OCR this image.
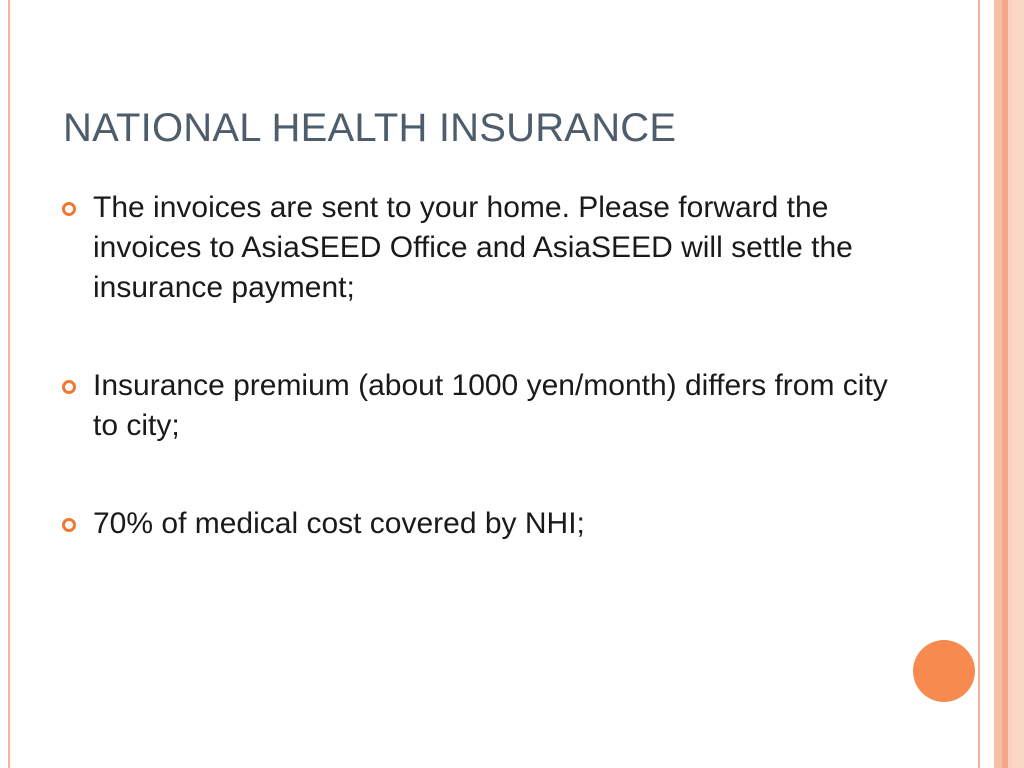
NATIONAL HEALTH INSURANCE
The invoices are sent to your home. Please forward the invoices to AsiaSEED Office and AsiaSEED will settle the insurance payment;
Insurance premium (about 1000 yen/month) differs from city to city;
70% of medical cost covered by NHI;
